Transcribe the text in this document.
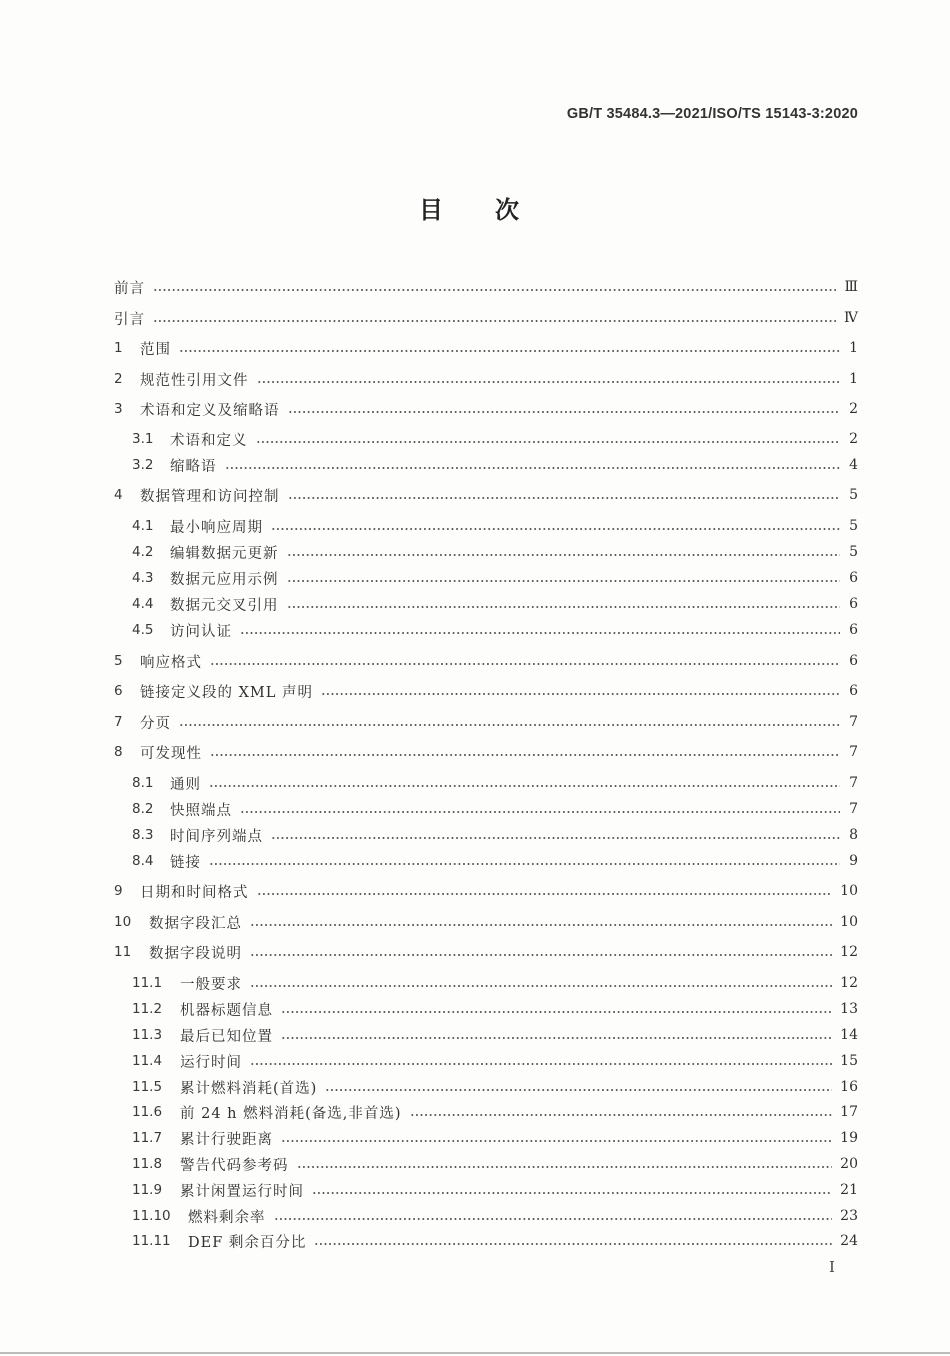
GB/T 35484.3—2021/ISO/TS 15143-3:2020
目次
前言	Ⅲ
引言	Ⅳ
1	范围	1
2	规范性引用文件	1
3	术语和定义及缩略语	2
3.1	术语和定义	2
3.2	缩略语	4
4	数据管理和访问控制	5
4.1	最小响应周期	5
4.2	编辑数据元更新	5
4.3	数据元应用示例	6
4.4	数据元交叉引用	6
4.5	访问认证	6
5	响应格式	6
6	链接定义段的 XML 声明	6
7	分页	7
8	可发现性	7
8.1	通则	7
8.2	快照端点	7
8.3	时间序列端点	8
8.4	链接	9
9	日期和时间格式	10
10	数据字段汇总	10
11	数据字段说明	12
11.1	一般要求	12
11.2	机器标题信息	13
11.3	最后已知位置	14
11.4	运行时间	15
11.5	累计燃料消耗(首选)	16
11.6	前 24 h 燃料消耗(备选,非首选)	17
11.7	累计行驶距离	19
11.8	警告代码参考码	20
11.9	累计闲置运行时间	21
11.10	燃料剩余率	23
11.11	DEF 剩余百分比	24
I
